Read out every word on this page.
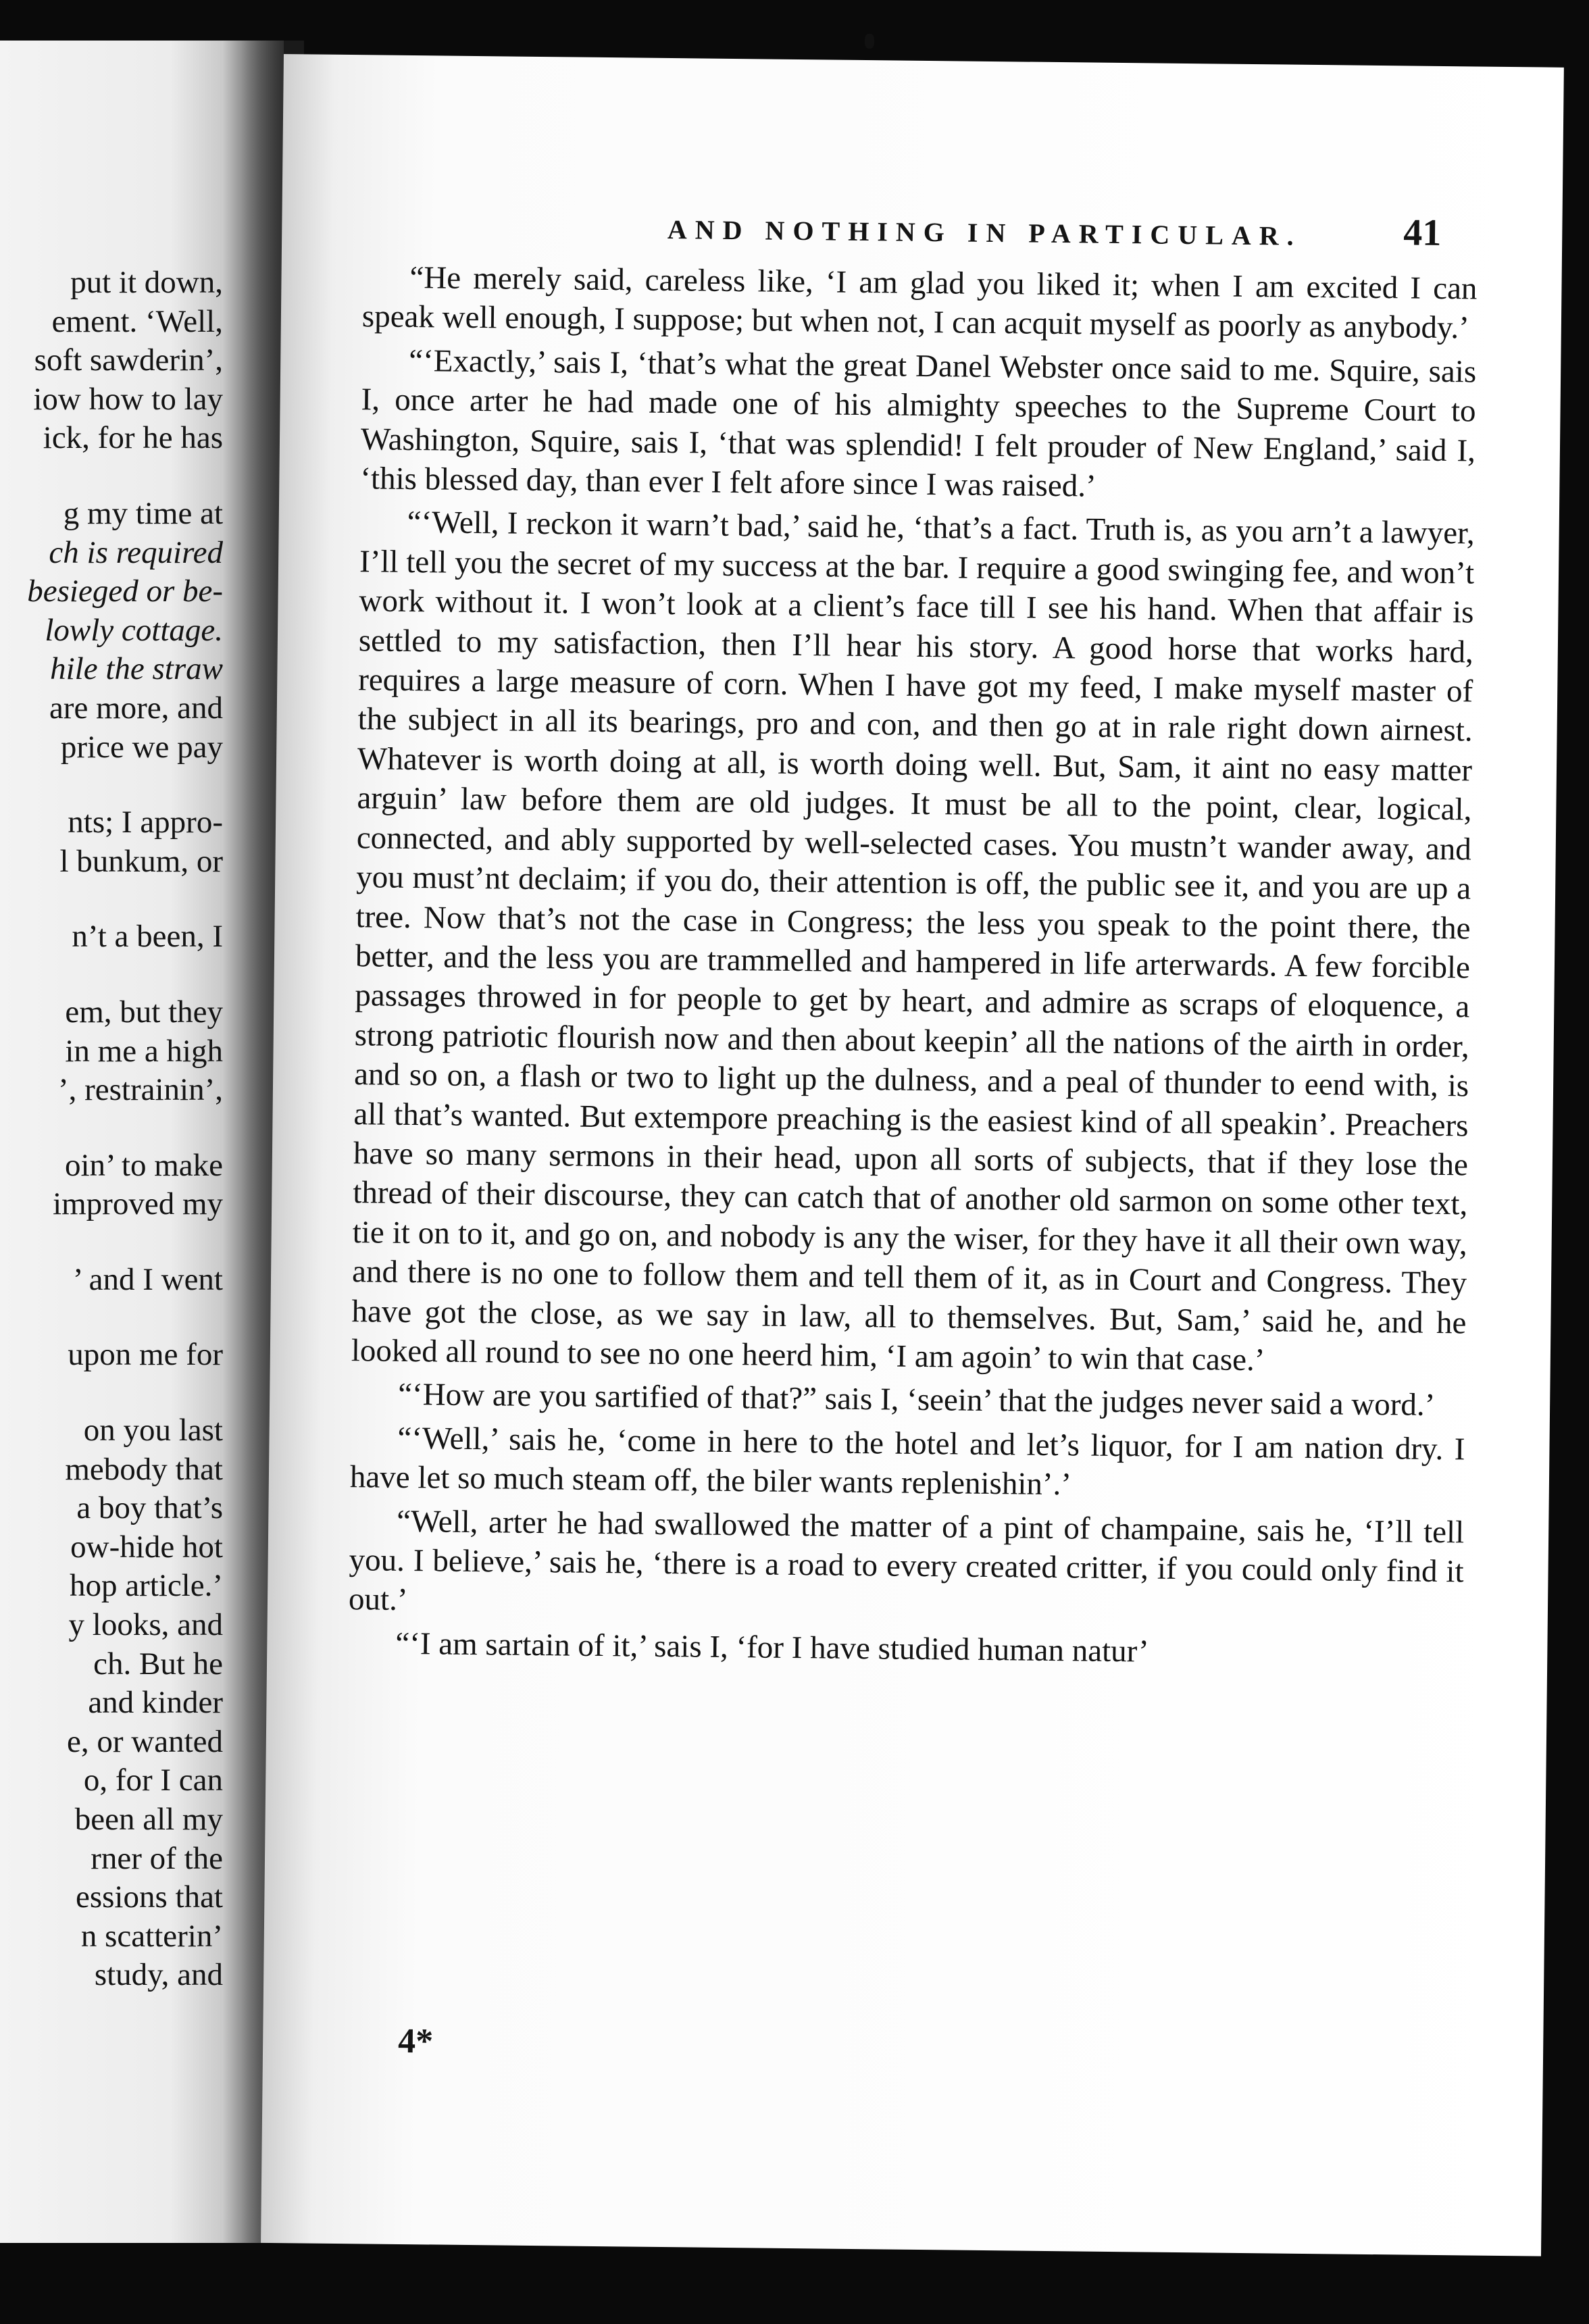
put it down,
ement. ‘Well,
soft sawderin’,
iow how to lay
ick, for he has
g my time at
ch is required
besieged or be-
lowly cottage.
hile the straw
are more, and
price we pay
nts; I appro-
l bunkum, or
n’t a been, I
em, but they
in me a high
’, restrainin’,
oin’ to make
improved my
’ and I went
upon me for
on you last
mebody that
a boy that’s
ow-hide hot
hop article.’
y looks, and
ch. But he
and kinder
e, or wanted
o, for I can
been all my
rner of the
essions that
n scatterin’
study, and
AND NOTHING IN PARTICULAR.	41

“He merely said, careless like, ‘I am glad you liked it; when I am excited I can speak well enough, I suppose; but when not, I can acquit myself as poorly as anybody.’

“‘Exactly,’ sais I, ‘that’s what the great Danel Webster once said to me. Squire, sais I, once arter he had made one of his almighty speeches to the Supreme Court to Washington, Squire, sais I, ‘that was splendid! I felt prouder of New England,’ said I, ‘this blessed day, than ever I felt afore since I was raised.’

“‘Well, I reckon it warn’t bad,’ said he, ‘that’s a fact. Truth is, as you arn’t a lawyer, I’ll tell you the secret of my success at the bar. I require a good swinging fee, and won’t work without it. I won’t look at a client’s face till I see his hand. When that affair is settled to my satisfaction, then I’ll hear his story. A good horse that works hard, requires a large measure of corn. When I have got my feed, I make myself master of the subject in all its bearings, pro and con, and then go at in rale right down airnest. Whatever is worth doing at all, is worth doing well. But, Sam, it aint no easy matter arguin’ law before them are old judges. It must be all to the point, clear, logical, connected, and ably supported by well-selected cases. You mustn’t wander away, and you must’nt declaim; if you do, their attention is off, the public see it, and you are up a tree. Now that’s not the case in Congress; the less you speak to the point there, the better, and the less you are trammelled and hampered in life arterwards. A few forcible passages throwed in for people to get by heart, and admire as scraps of eloquence, a strong patriotic flourish now and then about keepin’ all the nations of the airth in order, and so on, a flash or two to light up the dulness, and a peal of thunder to eend with, is all that’s wanted. But extempore preaching is the easiest kind of all speakin’. Preachers have so many sermons in their head, upon all sorts of subjects, that if they lose the thread of their discourse, they can catch that of another old sarmon on some other text, tie it on to it, and go on, and nobody is any the wiser, for they have it all their own way, and there is no one to follow them and tell them of it, as in Court and Congress. They have got the close, as we say in law, all to themselves. But, Sam,’ said he, and he looked all round to see no one heerd him, ‘I am agoin’ to win that case.’

“‘How are you sartified of that?” sais I, ‘seein’ that the judges never said a word.’

“‘Well,’ sais he, ‘come in here to the hotel and let’s liquor, for I am nation dry. I have let so much steam off, the biler wants replenishin’.’

“Well, arter he had swallowed the matter of a pint of champaine, sais he, ‘I’ll tell you. I believe,’ sais he, ‘there is a road to every created critter, if you could only find it out.’

“‘I am sartain of it,’ sais I, ‘for I have studied human natur’

4*
